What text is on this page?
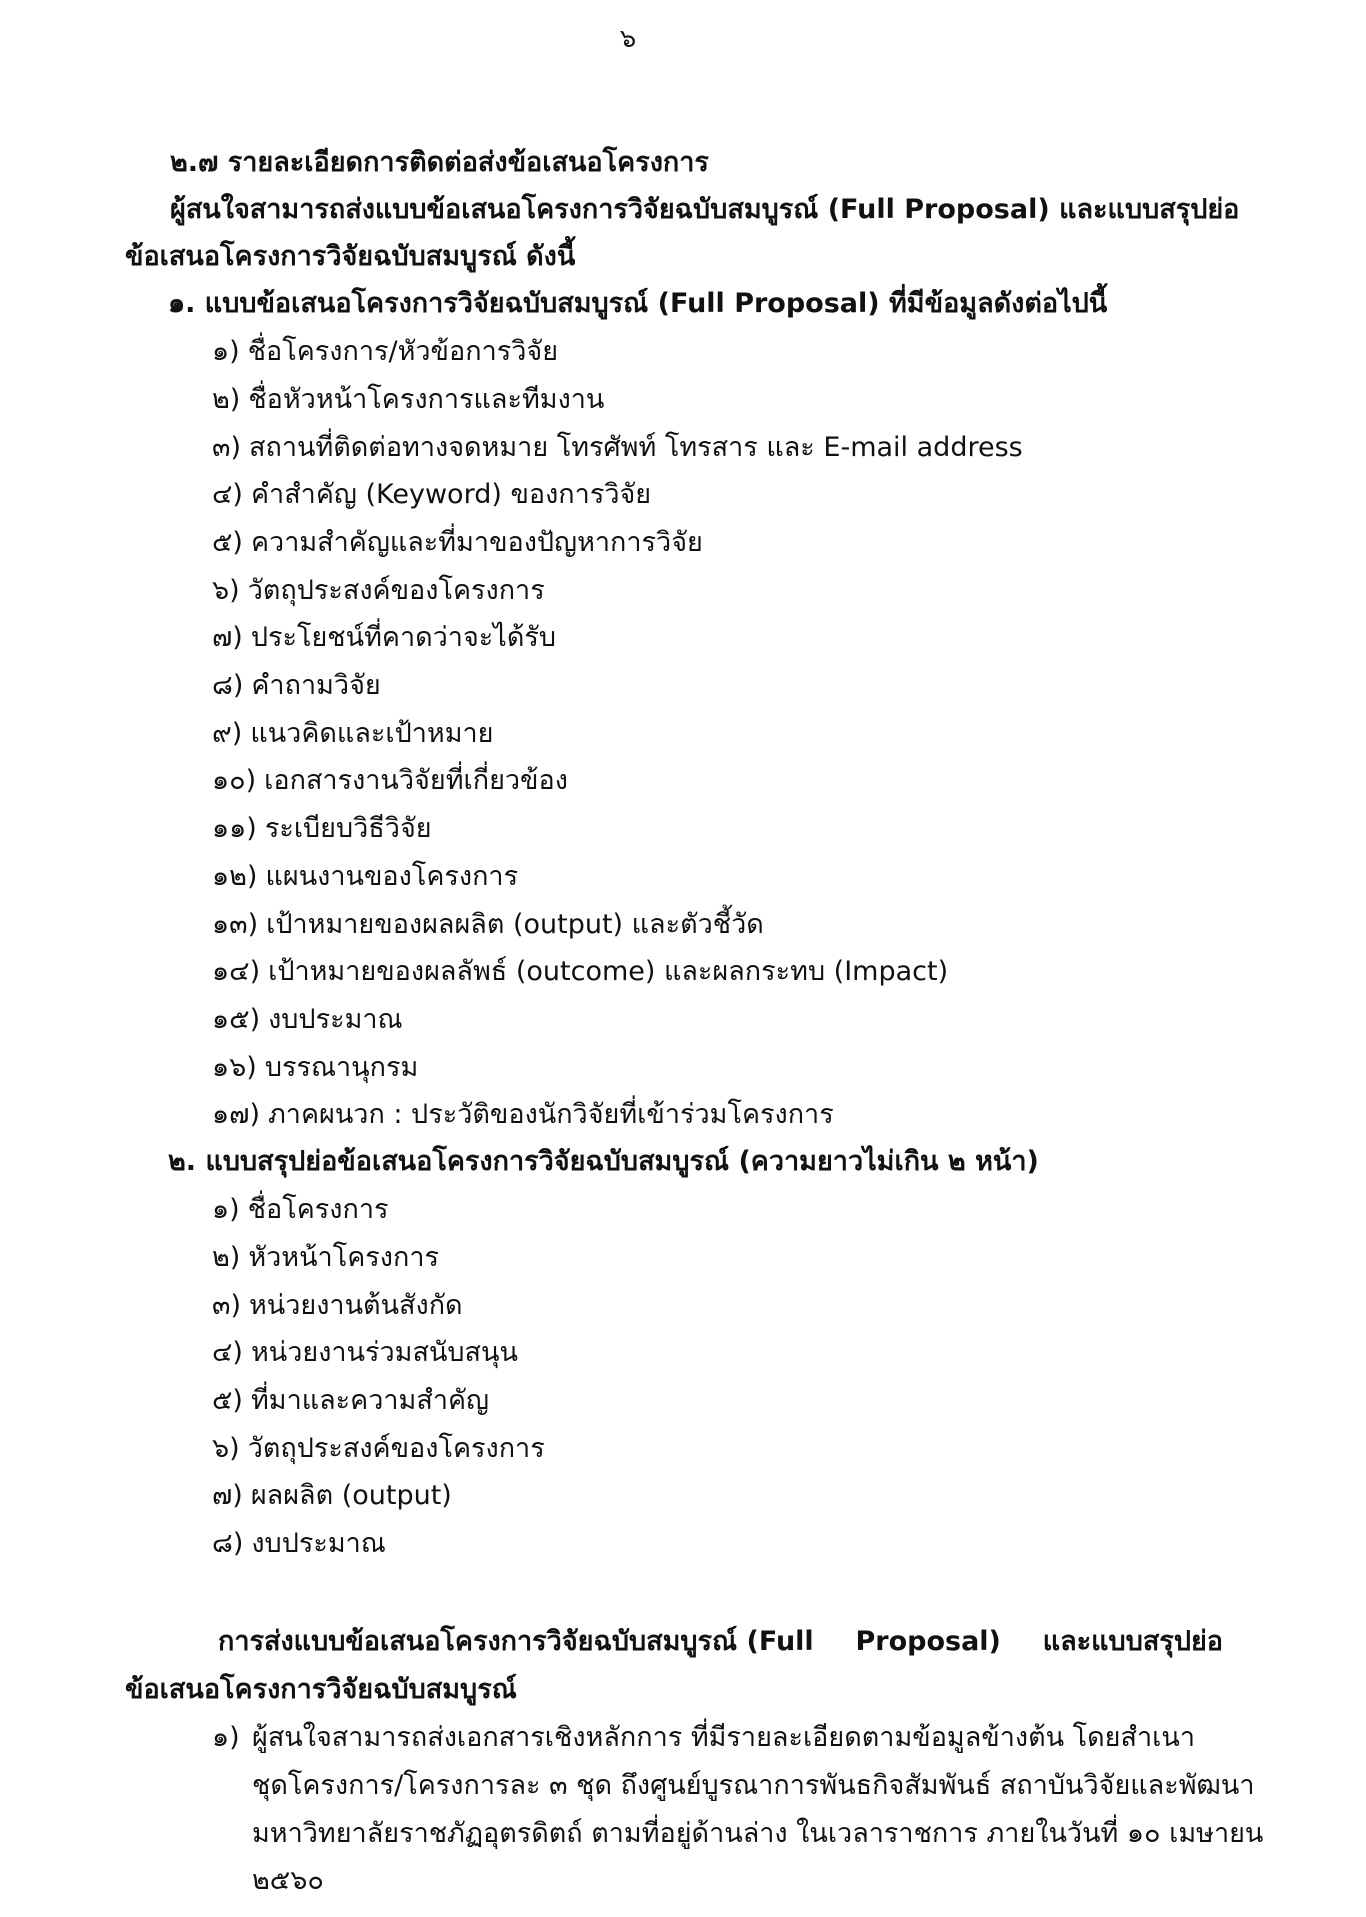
๖
๒.๗ รายละเอียดการติดต่อส่งข้อเสนอโครงการ
ผู้สนใจสามารถส่งแบบข้อเสนอโครงการวิจัยฉบับสมบูรณ์ (Full Proposal) และแบบสรุปย่อ
ข้อเสนอโครงการวิจัยฉบับสมบูรณ์ ดังนี้
๑. แบบข้อเสนอโครงการวิจัยฉบับสมบูรณ์ (Full Proposal) ที่มีข้อมูลดังต่อไปนี้
๑) ชื่อโครงการ/หัวข้อการวิจัย
๒) ชื่อหัวหน้าโครงการและทีมงาน
๓) สถานที่ติดต่อทางจดหมาย โทรศัพท์ โทรสาร และ E-mail address
๔) คำสำคัญ (Keyword) ของการวิจัย
๕) ความสำคัญและที่มาของปัญหาการวิจัย
๖) วัตถุประสงค์ของโครงการ
๗) ประโยชน์ที่คาดว่าจะได้รับ
๘) คำถามวิจัย
๙) แนวคิดและเป้าหมาย
๑๐) เอกสารงานวิจัยที่เกี่ยวข้อง
๑๑) ระเบียบวิธีวิจัย
๑๒) แผนงานของโครงการ
๑๓) เป้าหมายของผลผลิต (output) และตัวชี้วัด
๑๔) เป้าหมายของผลลัพธ์ (outcome) และผลกระทบ (Impact)
๑๕) งบประมาณ
๑๖) บรรณานุกรม
๑๗) ภาคผนวก : ประวัติของนักวิจัยที่เข้าร่วมโครงการ
๒. แบบสรุปย่อข้อเสนอโครงการวิจัยฉบับสมบูรณ์ (ความยาวไม่เกิน ๒ หน้า)
๑) ชื่อโครงการ
๒) หัวหน้าโครงการ
๓) หน่วยงานต้นสังกัด
๔) หน่วยงานร่วมสนับสนุน
๕) ที่มาและความสำคัญ
๖) วัตถุประสงค์ของโครงการ
๗) ผลผลิต (output)
๘) งบประมาณ
การส่งแบบข้อเสนอโครงการวิจัยฉบับสมบูรณ์ (Full Proposal) และแบบสรุปย่อ
ข้อเสนอโครงการวิจัยฉบับสมบูรณ์
๑) ผู้สนใจสามารถส่งเอกสารเชิงหลักการ ที่มีรายละเอียดตามข้อมูลข้างต้น โดยสำเนา
ชุดโครงการ/โครงการละ ๓ ชุด ถึงศูนย์บูรณาการพันธกิจสัมพันธ์ สถาบันวิจัยและพัฒนา
มหาวิทยาลัยราชภัฏอุตรดิตถ์ ตามที่อยู่ด้านล่าง ในเวลาราชการ ภายในวันที่ ๑๐ เมษายน
๒๕๖๐
